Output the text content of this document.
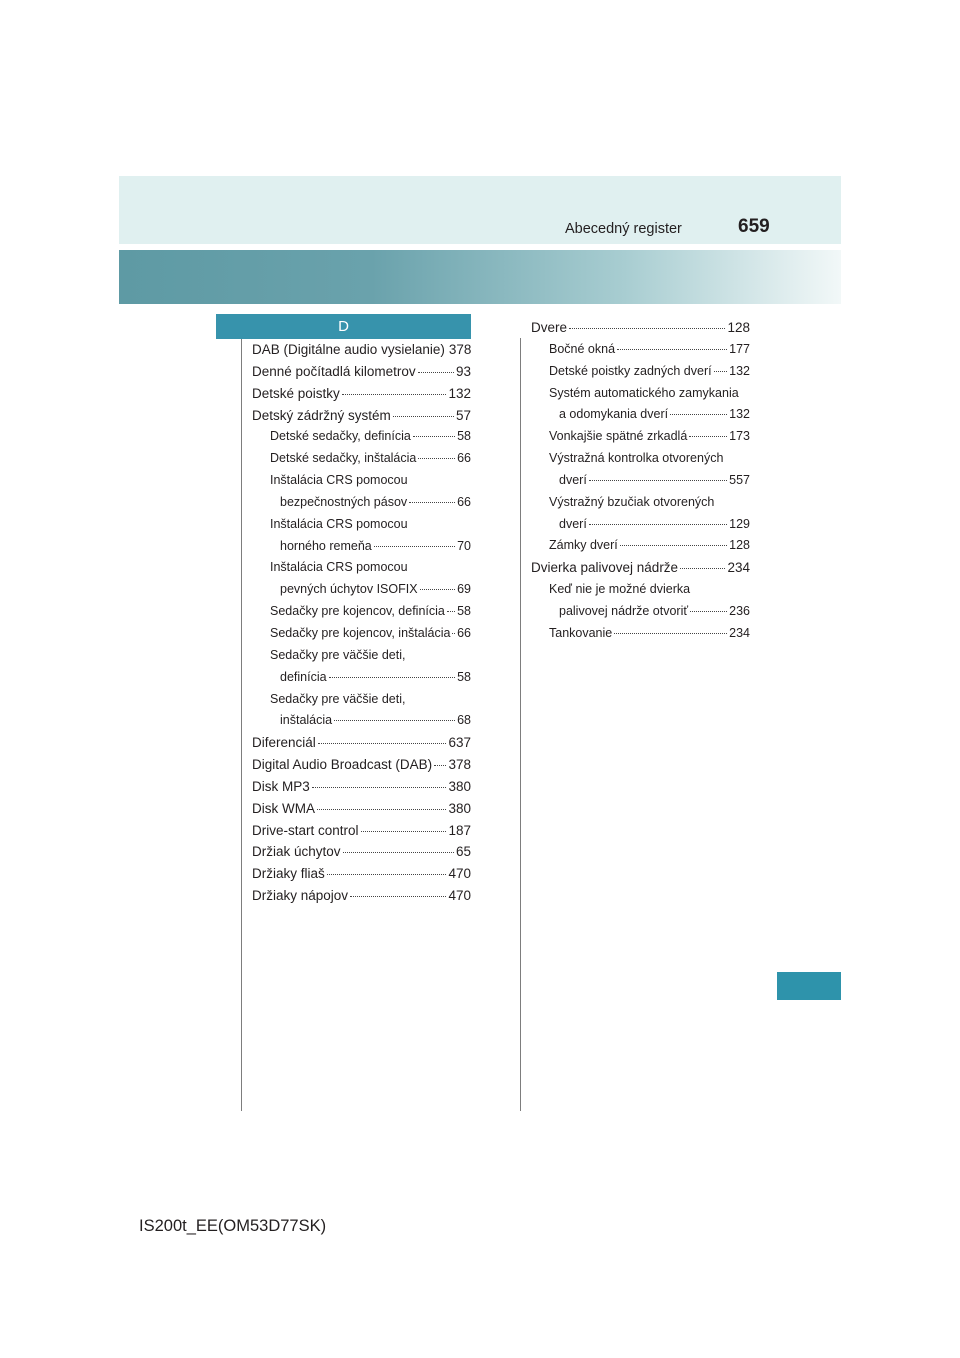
Abecedný register	659
D
DAB (Digitálne audio vysielanie) 378
Denné počítadlá kilometrov	93
Detské poistky	132
Detský zádržný systém	57
Detské sedačky, definícia	58
Detské sedačky, inštalácia	66
Inštalácia CRS pomocou
bezpečnostných pásov	66
Inštalácia CRS pomocou
horného remeňa	70
Inštalácia CRS pomocou
pevných úchytov ISOFIX	69
Sedačky pre kojencov, definícia 58
Sedačky pre kojencov, inštalácia 66
Sedačky pre väčšie deti,
definícia	58
Sedačky pre väčšie deti,
inštalácia	68
Diferenciál	637
Digital Audio Broadcast (DAB) 378
Disk MP3	380
Disk WMA	380
Drive-start control	187
Držiak úchytov	65
Držiaky fliaš	470
Držiaky nápojov	470
Dvere	128
Bočné okná	177
Detské poistky zadných dverí 132
Systém automatického zamykania
a odomykania dverí	132
Vonkajšie spätné zrkadlá	173
Výstražná kontrolka otvorených
dverí	557
Výstražný bzučiak otvorených
dverí	129
Zámky dverí	128
Dvierka palivovej nádrže	234
Keď nie je možné dvierka
palivovej nádrže otvoriť	236
Tankovanie	234
IS200t_EE(OM53D77SK)
